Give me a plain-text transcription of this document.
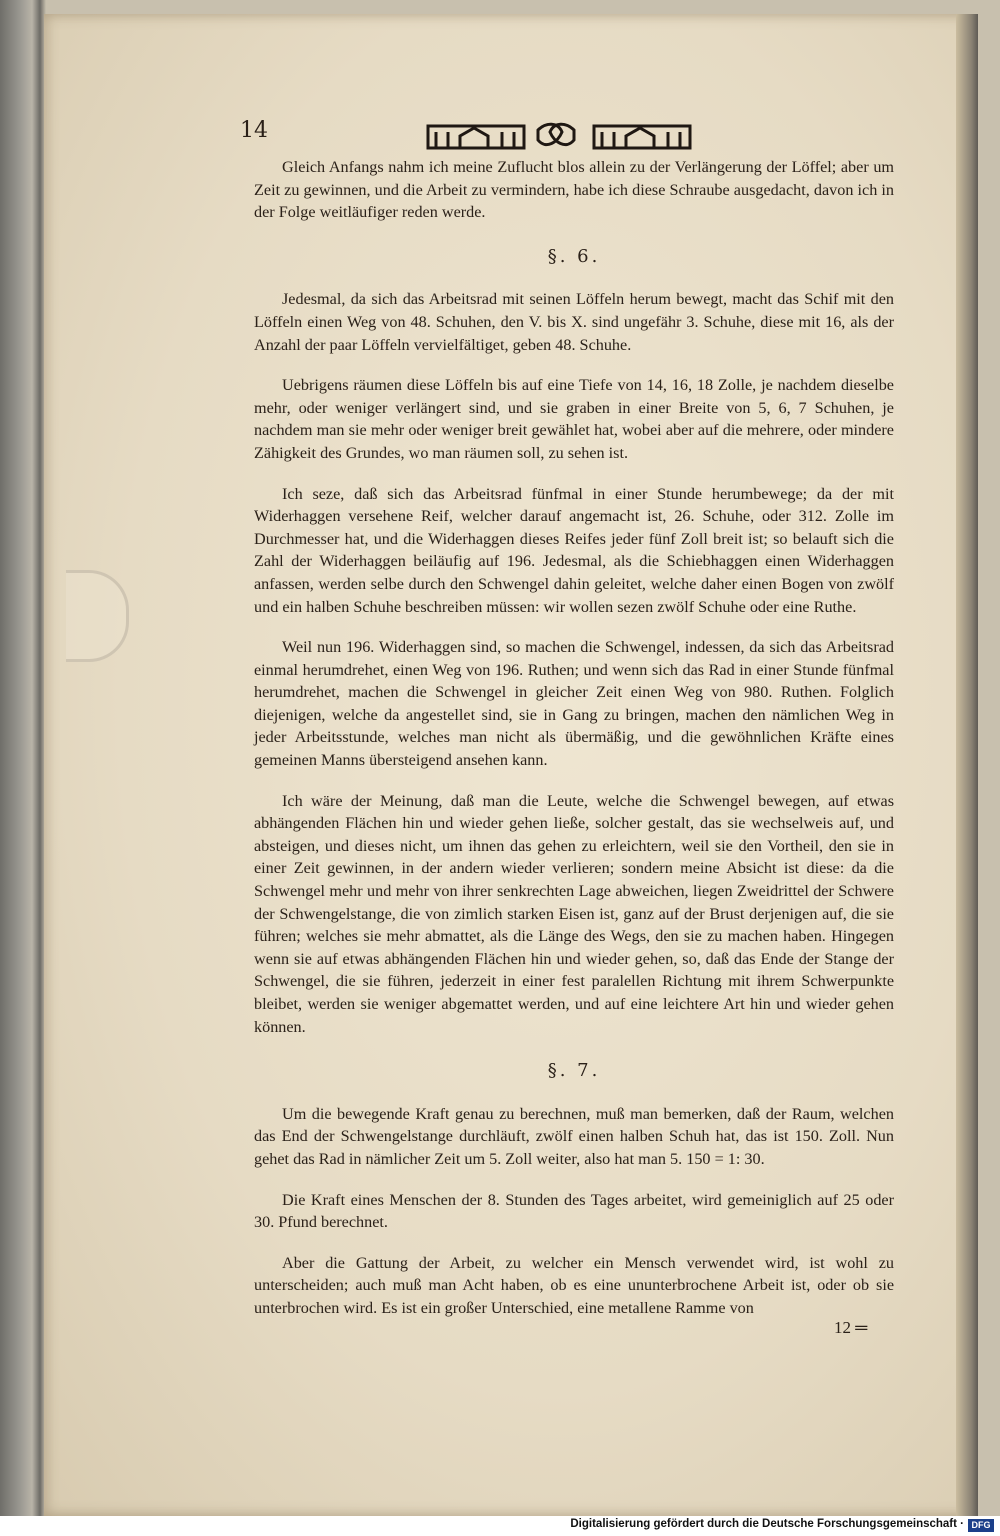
14

Gleich Anfangs nahm ich meine Zuflucht blos allein zu der Verlängerung der Löffel; aber um Zeit zu gewinnen, und die Arbeit zu vermindern, habe ich diese Schraube ausgedacht, davon ich in der Folge weitläufiger reden werde.

§. 6.

Jedesmal, da sich das Arbeitsrad mit seinen Löffeln herum bewegt, macht das Schif mit den Löffeln einen Weg von 48. Schuhen, den V. bis X. sind ungefähr 3. Schuhe, diese mit 16, als der Anzahl der paar Löffeln vervielfältiget, geben 48. Schuhe.

Uebrigens räumen diese Löffeln bis auf eine Tiefe von 14, 16, 18 Zolle, je nachdem dieselbe mehr, oder weniger verlängert sind, und sie graben in einer Breite von 5, 6, 7 Schuhen, je nachdem man sie mehr oder weniger breit gewählet hat, wobei aber auf die mehrere, oder mindere Zähigkeit des Grundes, wo man räumen soll, zu sehen ist.

Ich seze, daß sich das Arbeitsrad fünfmal in einer Stunde herumbewege; da der mit Widerhaggen versehene Reif, welcher darauf angemacht ist, 26. Schuhe, oder 312. Zolle im Durchmesser hat, und die Widerhaggen dieses Reifes jeder fünf Zoll breit ist; so belauft sich die Zahl der Widerhaggen beiläufig auf 196. Jedesmal, als die Schiebhaggen einen Widerhaggen anfassen, werden selbe durch den Schwengel dahin geleitet, welche daher einen Bogen von zwölf und ein halben Schuhe beschreiben müssen: wir wollen sezen zwölf Schuhe oder eine Ruthe.

Weil nun 196. Widerhaggen sind, so machen die Schwengel, indessen, da sich das Arbeitsrad einmal herumdrehet, einen Weg von 196. Ruthen; und wenn sich das Rad in einer Stunde fünfmal herumdrehet, machen die Schwengel in gleicher Zeit einen Weg von 980. Ruthen. Folglich diejenigen, welche da angestellet sind, sie in Gang zu bringen, machen den nämlichen Weg in jeder Arbeitsstunde, welches man nicht als übermäßig, und die gewöhnlichen Kräfte eines gemeinen Manns übersteigend ansehen kann.

Ich wäre der Meinung, daß man die Leute, welche die Schwengel bewegen, auf etwas abhängenden Flächen hin und wieder gehen ließe, solcher gestalt, das sie wechselweis auf, und absteigen, und dieses nicht, um ihnen das gehen zu erleichtern, weil sie den Vortheil, den sie in einer Zeit gewinnen, in der andern wieder verlieren; sondern meine Absicht ist diese: da die Schwengel mehr und mehr von ihrer senkrechten Lage abweichen, liegen Zweidrittel der Schwere der Schwengelstange, die von zimlich starken Eisen ist, ganz auf der Brust derjenigen auf, die sie führen; welches sie mehr abmattet, als die Länge des Wegs, den sie zu machen haben. Hingegen wenn sie auf etwas abhängenden Flächen hin und wieder gehen, so, daß das Ende der Stange der Schwengel, die sie führen, jederzeit in einer fest paralellen Richtung mit ihrem Schwerpunkte bleibet, werden sie weniger abgemattet werden, und auf eine leichtere Art hin und wieder gehen können.

§. 7.

Um die bewegende Kraft genau zu berechnen, muß man bemerken, daß der Raum, welchen das End der Schwengelstange durchläuft, zwölf einen halben Schuh hat, das ist 150. Zoll. Nun gehet das Rad in nämlicher Zeit um 5. Zoll weiter, also hat man 5. 150 = 1: 30.

Die Kraft eines Menschen der 8. Stunden des Tages arbeitet, wird gemeiniglich auf 25 oder 30. Pfund berechnet.

Aber die Gattung der Arbeit, zu welcher ein Mensch verwendet wird, ist wohl zu unterscheiden; auch muß man Acht haben, ob es eine ununterbrochene Arbeit ist, oder ob sie unterbrochen wird. Es ist ein großer Unterschied, eine metallene Ramme von

12 ═
Digitalisierung gefördert durch die Deutsche Forschungsgemeinschaft · DFG
